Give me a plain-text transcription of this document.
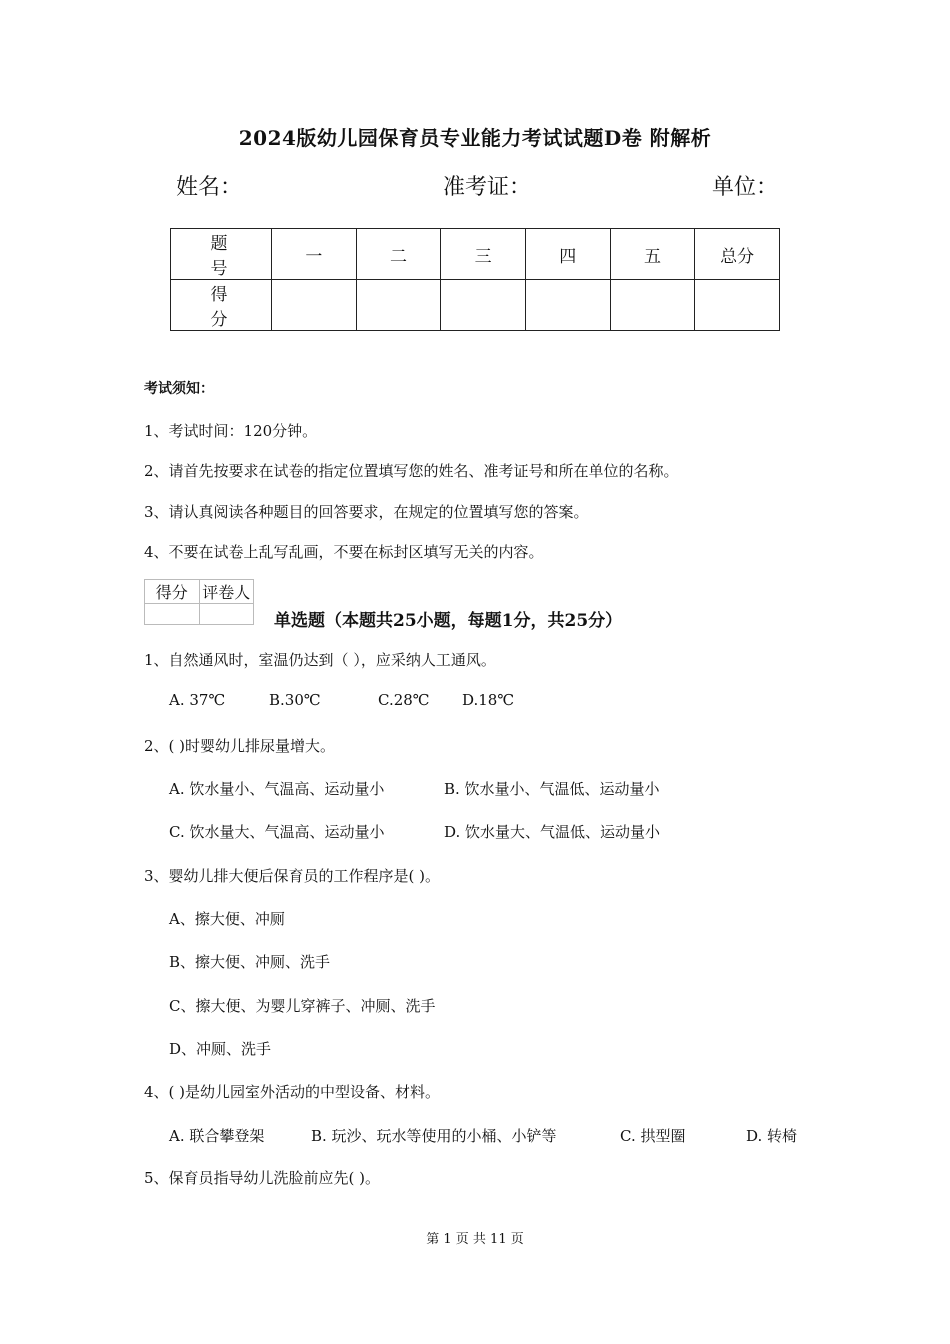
2024版幼儿园保育员专业能力考试试题D卷 附解析
姓名：	准考证：	单位：
题 号	一	二	三	四	五	总分
得 分						
考试须知：
1、考试时间：120分钟。
2、请首先按要求在试卷的指定位置填写您的姓名、准考证号和所在单位的名称。
3、请认真阅读各种题目的回答要求，在规定的位置填写您的答案。
4、不要在试卷上乱写乱画，不要在标封区填写无关的内容。
得分	评卷人

单选题（本题共25小题，每题1分，共25分）
1、自然通风时，室温仍达到（ ），应采纳人工通风。
A. 37℃	B.30℃	C.28℃ D.18℃
2、( )时婴幼儿排尿量增大。
A. 饮水量小、气温高、运动量小	B. 饮水量小、气温低、运动量小
C. 饮水量大、气温高、运动量小	D. 饮水量大、气温低、运动量小
3、婴幼儿排大便后保育员的工作程序是( )。
A、擦大便、冲厕
B、擦大便、冲厕、洗手
C、擦大便、为婴儿穿裤子、冲厕、洗手
D、冲厕、洗手
4、( )是幼儿园室外活动的中型设备、材料。
A. 联合攀登架	B. 玩沙、玩水等使用的小桶、小铲等	C. 拱型圈	D. 转椅
5、保育员指导幼儿洗脸前应先( )。
第 1 页 共 11 页
